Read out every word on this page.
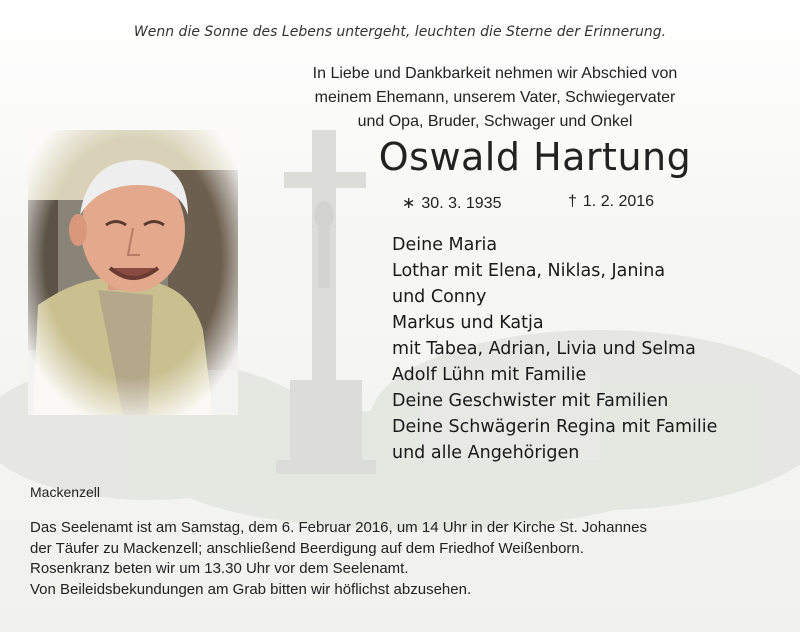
Wenn die Sonne des Lebens untergeht, leuchten die Sterne der Erinnerung.
In Liebe und Dankbarkeit nehmen wir Abschied von
meinem Ehemann, unserem Vater, Schwiegervater
und Opa, Bruder, Schwager und Onkel
Oswald Hartung
∗ 30. 3. 1935	† 1. 2. 2016
Deine Maria
Lothar mit Elena, Niklas, Janina
und Conny
Markus und Katja
mit Tabea, Adrian, Livia und Selma
Adolf Lühn mit Familie
Deine Geschwister mit Familien
Deine Schwägerin Regina mit Familie
und alle Angehörigen
Mackenzell
Das Seelenamt ist am Samstag, dem 6. Februar 2016, um 14 Uhr in der Kirche St. Johannes
der Täufer zu Mackenzell; anschließend Beerdigung auf dem Friedhof Weißenborn.
Rosenkranz beten wir um 13.30 Uhr vor dem Seelenamt.
Von Beileidsbekundungen am Grab bitten wir höflichst abzusehen.
